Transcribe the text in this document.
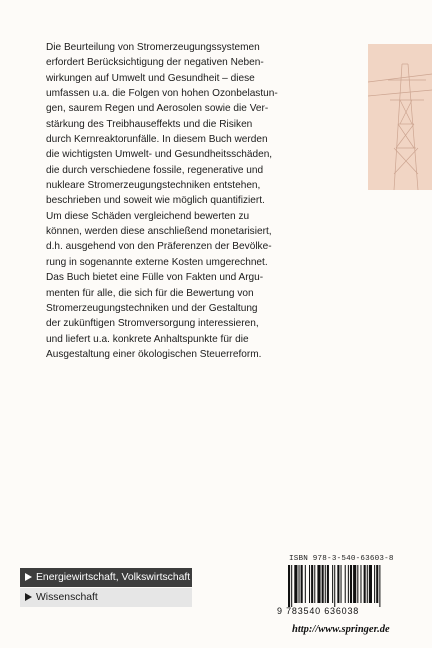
Die Beurteilung von Stromerzeugungssystemen
erfordert Berücksichtigung der negativen Neben-
wirkungen auf Umwelt und Gesundheit – diese
umfassen u.a. die Folgen von hohen Ozonbelastun-
gen, saurem Regen und Aerosolen sowie die Ver-
stärkung des Treibhauseffekts und die Risiken
durch Kernreaktorunfälle. In diesem Buch werden
die wichtigsten Umwelt- und Gesundheitsschäden,
die durch verschiedene fossile, regenerative und
nukleare Stromerzeugungstechniken entstehen,
beschrieben und soweit wie möglich quantifiziert.
Um diese Schäden vergleichend bewerten zu
können, werden diese anschließend monetarisiert,
d.h. ausgehend von den Präferenzen der Bevölke-
rung in sogenannte externe Kosten umgerechnet.
Das Buch bietet eine Fülle von Fakten und Argu-
menten für alle, die sich für die Bewertung von
Stromerzeugungstechniken und der Gestaltung
der zukünftigen Stromversorgung interessieren,
und liefert u.a. konkrete Anhaltspunkte für die
Ausgestaltung einer ökologischen Steuerreform.
Energiewirtschaft, Volkswirtschaft
Wissenschaft
ISBN 978-3-540-63603-8
9 783540 636038
http://www.springer.de
